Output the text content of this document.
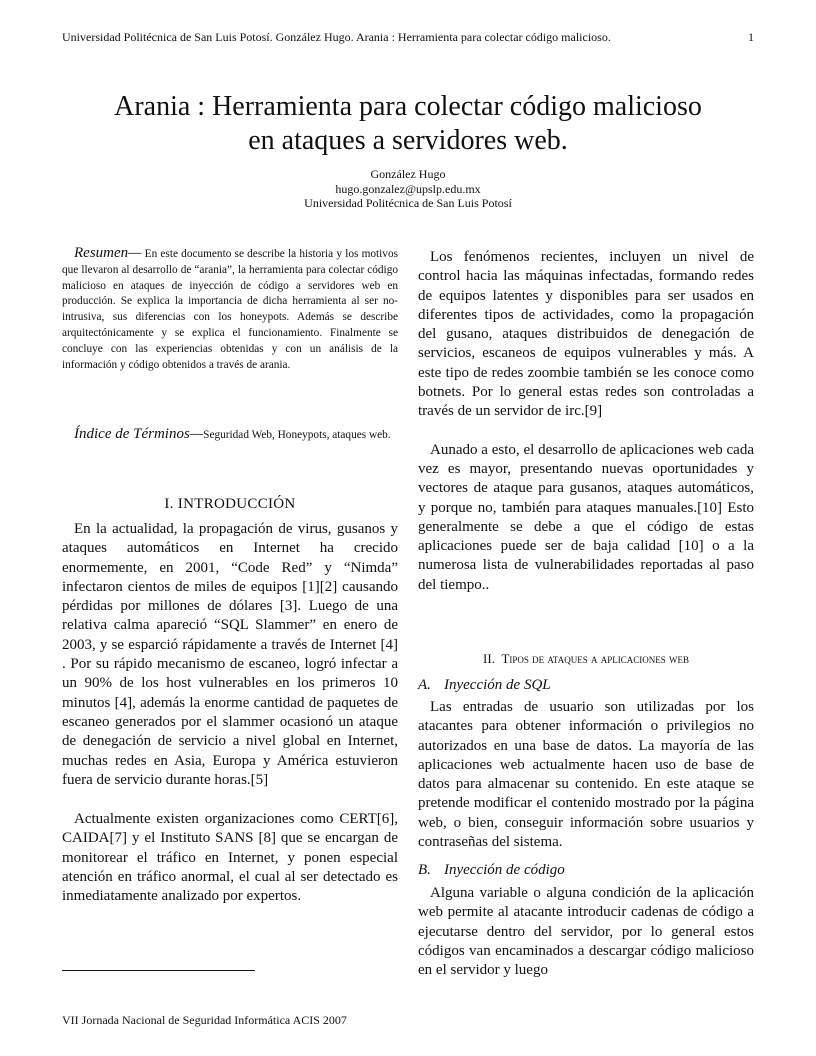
Universidad Politécnica de San Luis Potosí. González Hugo. Arania : Herramienta para colectar código malicioso.	1
Arania : Herramienta para colectar código malicioso
en ataques a servidores web.
González Hugo
hugo.gonzalez@upslp.edu.mx
Universidad Politécnica de San Luis Potosí

Resumen— En este documento se describe la historia y los motivos que llevaron al desarrollo de “arania”, la herramienta para colectar código malicioso en ataques de inyección de código a servidores web en producción. Se explica la importancia de dicha herramienta al ser no-intrusiva, sus diferencias con los honeypots. Además se describe arquitectónicamente y se explica el funcionamiento. Finalmente se concluye con las experiencias obtenidas y con un análisis de la información y código obtenidos a través de arania.

Índice de Términos—Seguridad Web, Honeypots, ataques web.

I. INTRODUCCIÓN

En la actualidad, la propagación de virus, gusanos y ataques automáticos en Internet ha crecido enormemente, en 2001, “Code Red” y “Nimda” infectaron cientos de miles de equipos [1][2] causando pérdidas por millones de dólares [3]. Luego de una relativa calma apareció “SQL Slammer” en enero de 2003, y se esparció rápidamente a través de Internet [4] . Por su rápido mecanismo de escaneo, logró infectar a un 90% de los host vulnerables en los primeros 10 minutos [4], además la enorme cantidad de paquetes de escaneo generados por el slammer ocasionó un ataque de denegación de servicio a nivel global en Internet, muchas redes en Asia, Europa y América estuvieron fuera de servicio durante horas.[5]

Actualmente existen organizaciones como CERT[6], CAIDA[7] y el Instituto SANS [8] que se encargan de monitorear el tráfico en Internet, y ponen especial atención en tráfico anormal, el cual al ser detectado es inmediatamente analizado por expertos.

VII Jornada Nacional de Seguridad Informática ACIS 2007

Los fenómenos recientes, incluyen un nivel de control hacia las máquinas infectadas, formando redes de equipos latentes y disponibles para ser usados en diferentes tipos de actividades, como la propagación del gusano, ataques distribuidos de denegación de servicios, escaneos de equipos vulnerables y más. A este tipo de redes zoombie también se les conoce como botnets. Por lo general estas redes son controladas a través de un servidor de irc.[9]

Aunado a esto, el desarrollo de aplicaciones web cada vez es mayor, presentando nuevas oportunidades y vectores de ataque para gusanos, ataques automáticos, y porque no, también para ataques manuales.[10] Esto generalmente se debe a que el código de estas aplicaciones puede ser de baja calidad [10] o a la numerosa lista de vulnerabilidades reportadas al paso del tiempo..

II. Tipos de ataques a aplicaciones web
A. Inyección de SQL

Las entradas de usuario son utilizadas por los atacantes para obtener información o privilegios no autorizados en una base de datos. La mayoría de las aplicaciones web actualmente hacen uso de base de datos para almacenar su contenido. En este ataque se pretende modificar el contenido mostrado por la página web, o bien, conseguir información sobre usuarios y contraseñas del sistema.

B. Inyección de código

Alguna variable o alguna condición de la aplicación web permite al atacante introducir cadenas de código a ejecutarse dentro del servidor, por lo general estos códigos van encaminados a descargar código malicioso en el servidor y luego
